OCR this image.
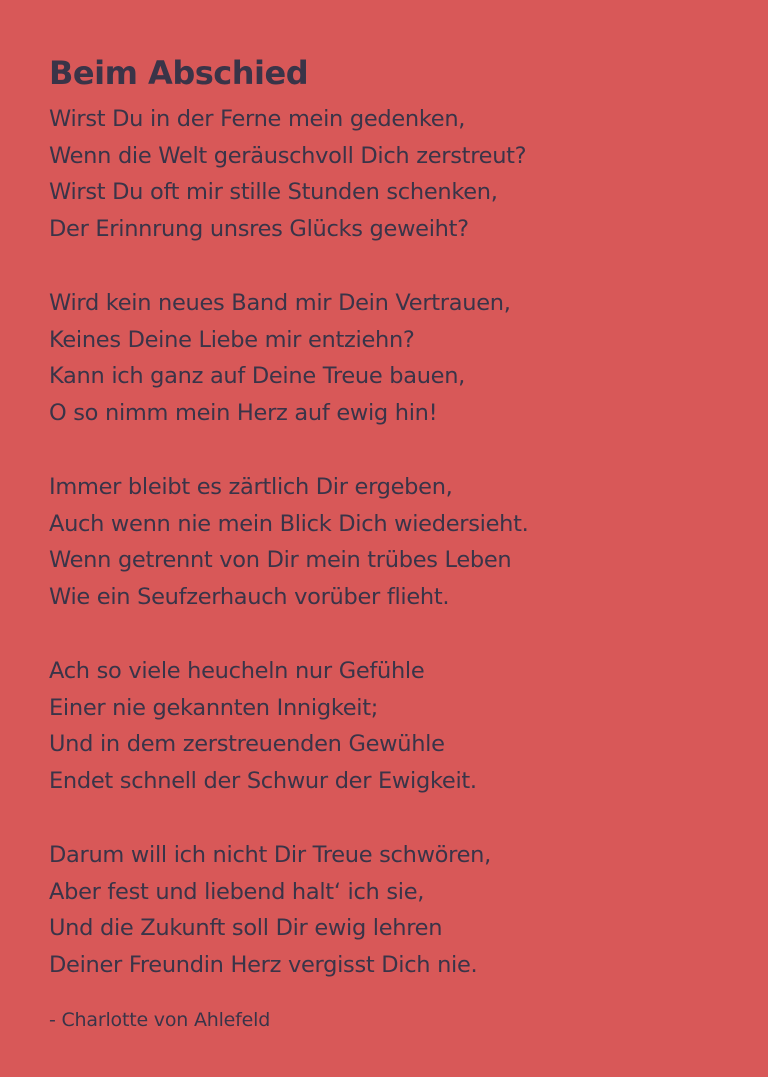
Beim Abschied

Wirst Du in der Ferne mein gedenken,
Wenn die Welt geräuschvoll Dich zerstreut?
Wirst Du oft mir stille Stunden schenken,
Der Erinnrung unsres Glücks geweiht?

Wird kein neues Band mir Dein Vertrauen,
Keines Deine Liebe mir entziehn?
Kann ich ganz auf Deine Treue bauen,
O so nimm mein Herz auf ewig hin!

Immer bleibt es zärtlich Dir ergeben,
Auch wenn nie mein Blick Dich wiedersieht.
Wenn getrennt von Dir mein trübes Leben
Wie ein Seufzerhauch vorüber flieht.

Ach so viele heucheln nur Gefühle
Einer nie gekannten Innigkeit;
Und in dem zerstreuenden Gewühle
Endet schnell der Schwur der Ewigkeit.

Darum will ich nicht Dir Treue schwören,
Aber fest und liebend halt‘ ich sie,
Und die Zukunft soll Dir ewig lehren
Deiner Freundin Herz vergisst Dich nie.

- Charlotte von Ahlefeld
